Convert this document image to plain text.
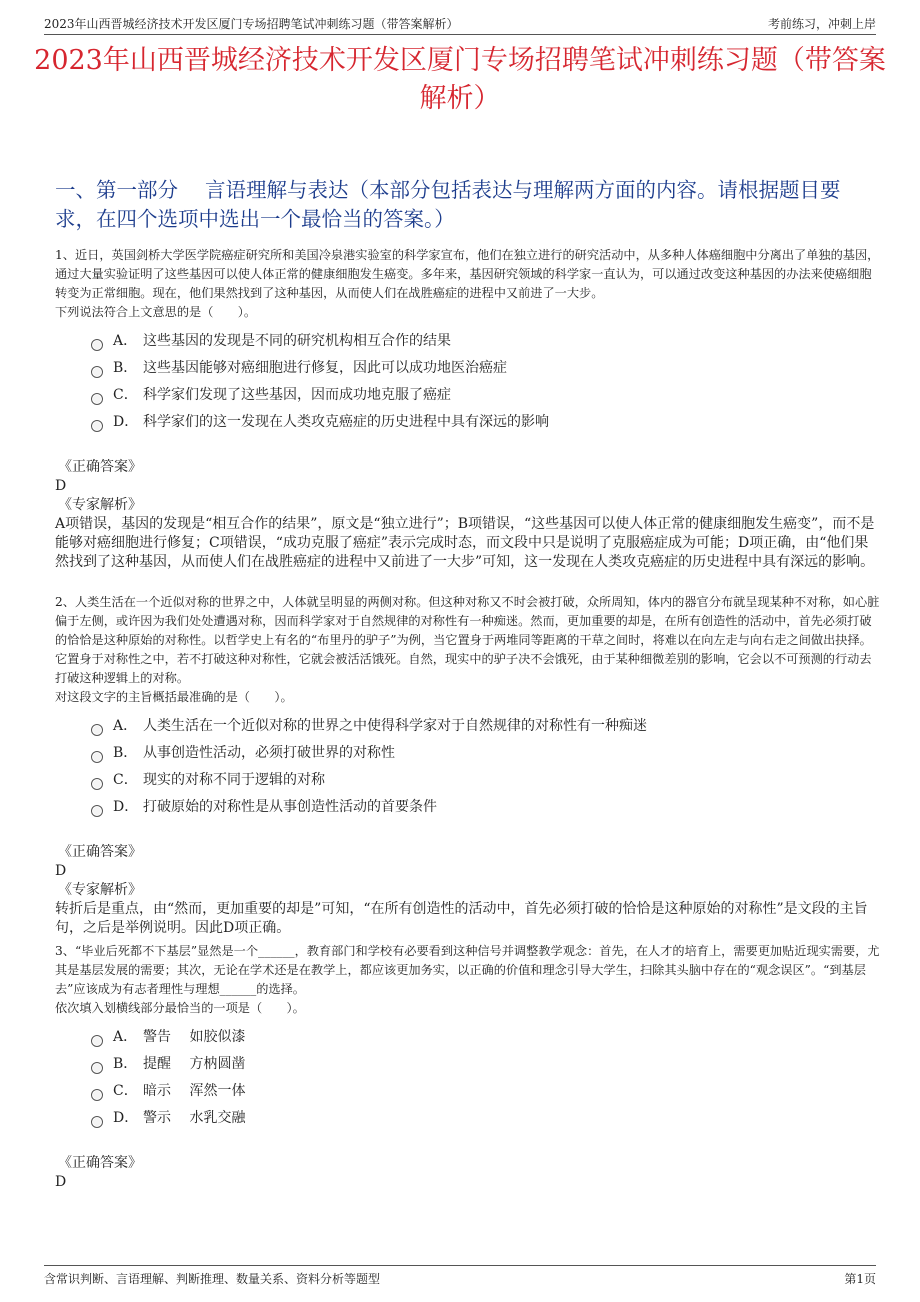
2023年山西晋城经济技术开发区厦门专场招聘笔试冲刺练习题（带答案解析）	考前练习，冲刺上岸
2023年山西晋城经济技术开发区厦门专场招聘笔试冲刺练习题（带答案解析）
一、第一部分　 言语理解与表达（本部分包括表达与理解两方面的内容。请根据题目要求，在四个选项中选出一个最恰当的答案。）

1、近日，英国剑桥大学医学院癌症研究所和美国冷泉港实验室的科学家宣布，他们在独立进行的研究活动中，从多种人体癌细胞中分离出了单独的基因，通过大量实验证明了这些基因可以使人体正常的健康细胞发生癌变。多年来，基因研究领域的科学家一直认为，可以通过改变这种基因的办法来使癌细胞转变为正常细胞。现在，他们果然找到了这种基因，从而使人们在战胜癌症的进程中又前进了一大步。

下列说法符合上文意思的是（　　）。

A． 这些基因的发现是不同的研究机构相互合作的结果
B． 这些基因能够对癌细胞进行修复，因此可以成功地医治癌症
C． 科学家们发现了这些基因，因而成功地克服了癌症
D． 科学家们的这一发现在人类攻克癌症的历史进程中具有深远的影响

《正确答案》

D

《专家解析》

A项错误，基因的发现是“相互合作的结果”，原文是“独立进行”；B项错误，“这些基因可以使人体正常的健康细胞发生癌变”，而不是能够对癌细胞进行修复；C项错误，“成功克服了癌症”表示完成时态，而文段中只是说明了克服癌症成为可能；D项正确，由“他们果然找到了这种基因，从而使人们在战胜癌症的进程中又前进了一大步”可知，这一发现在人类攻克癌症的历史进程中具有深远的影响。

2、人类生活在一个近似对称的世界之中，人体就呈明显的两侧对称。但这种对称又不时会被打破，众所周知，体内的器官分布就呈现某种不对称，如心脏偏于左侧，或许因为我们处处遭遇对称，因而科学家对于自然规律的对称性有一种痴迷。然而，更加重要的却是，在所有创造性的活动中，首先必须打破的恰恰是这种原始的对称性。以哲学史上有名的“布里丹的驴子”为例，当它置身于两堆同等距离的干草之间时，将难以在向左走与向右走之间做出抉择。它置身于对称性之中，若不打破这种对称性，它就会被活活饿死。自然，现实中的驴子决不会饿死，由于某种细微差别的影响，它会以不可预测的行动去打破这种逻辑上的对称。

对这段文字的主旨概括最准确的是（　　）。

A． 人类生活在一个近似对称的世界之中使得科学家对于自然规律的对称性有一种痴迷
B． 从事创造性活动，必须打破世界的对称性
C． 现实的对称不同于逻辑的对称
D． 打破原始的对称性是从事创造性活动的首要条件

《正确答案》

D

《专家解析》

转折后是重点，由“然而，更加重要的却是”可知，“在所有创造性的活动中，首先必须打破的恰恰是这种原始的对称性”是文段的主旨句，之后是举例说明。因此D项正确。

3、“毕业后死都不下基层”显然是一个______，教育部门和学校有必要看到这种信号并调整教学观念：首先，在人才的培育上，需要更加贴近现实需要，尤其是基层发展的需要；其次，无论在学术还是在教学上，都应该更加务实，以正确的价值和理念引导大学生，扫除其头脑中存在的“观念误区”。“到基层去”应该成为有志者理性与理想______的选择。

依次填入划横线部分最恰当的一项是（　　）。

A． 警告　 如胶似漆
B． 提醒　 方枘圆凿
C． 暗示　 浑然一体
D． 警示　 水乳交融

《正确答案》

D

含常识判断、言语理解、判断推理、数量关系、资料分析等题型	第1页
